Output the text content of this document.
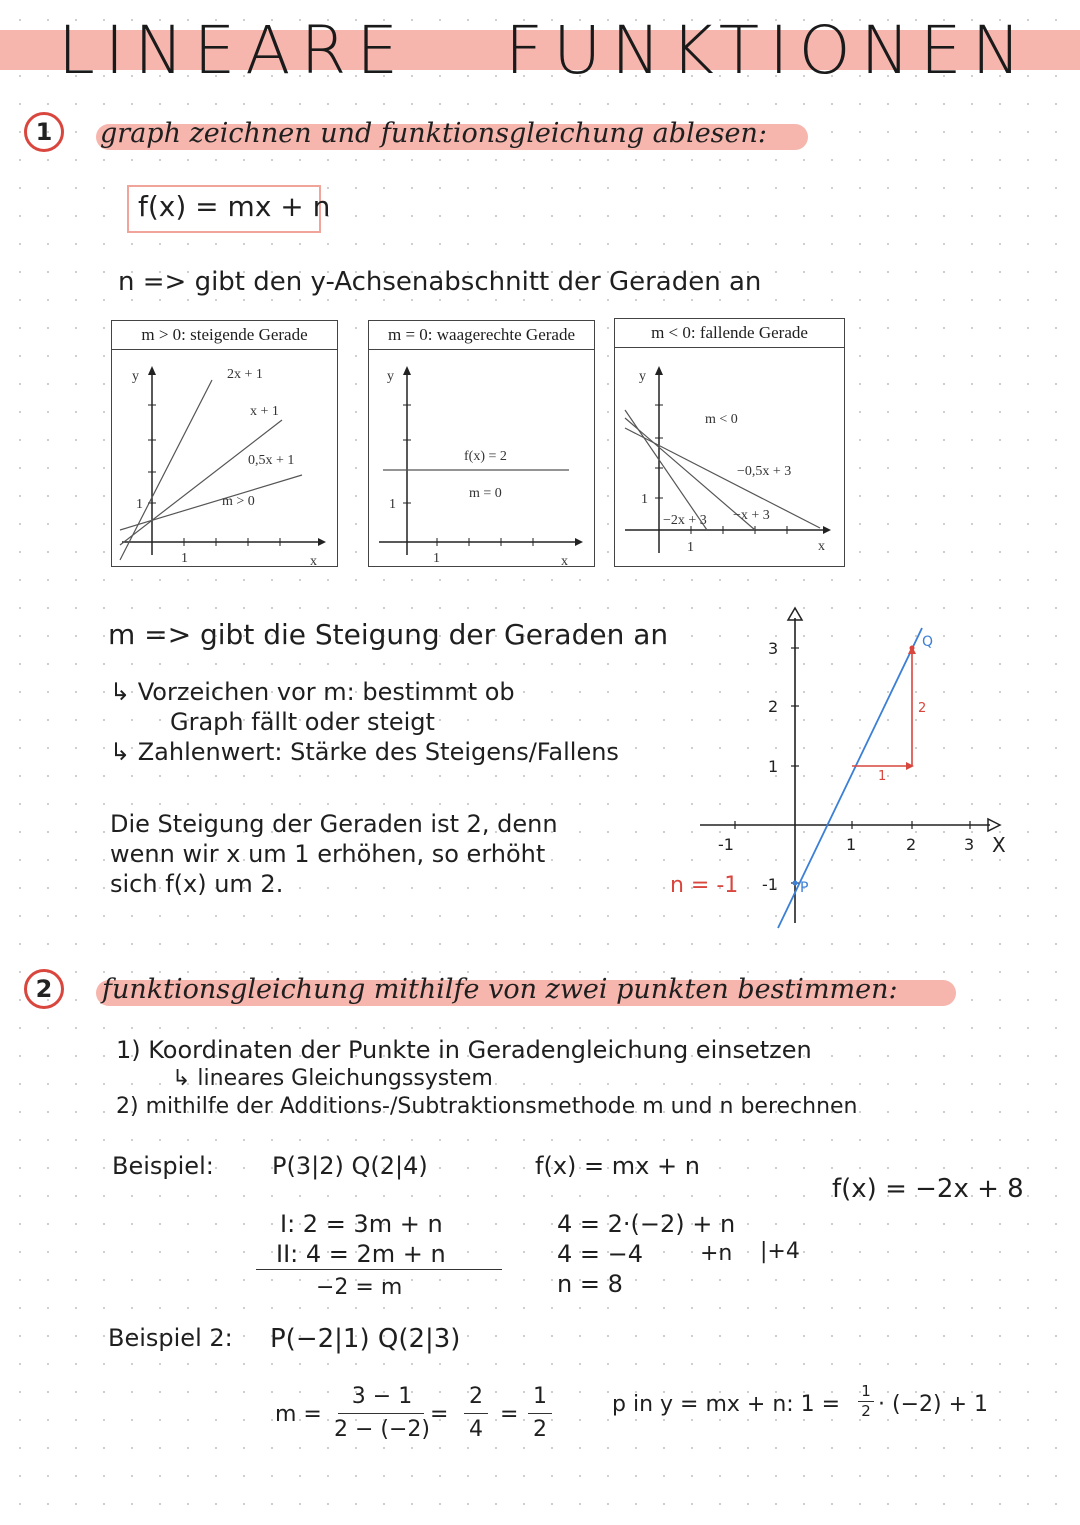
LINEARE FUNKTIONEN
1	graph zeichnen und funktionsgleichung ablesen:
f(x) = mx + n
n => gibt den y-Achsenabschnitt der Geraden an
m > 0: steigende Gerade
y
x
1
1
2x + 1
x + 1
0,5x + 1
m > 0
m = 0: waagerechte Gerade
y
x
1
1
f(x) = 2
m = 0
m < 0: fallende Gerade
y
x
1
1
m < 0
−0,5x + 3
−2x + 3 −x + 3
m => gibt die Steigung der Geraden an
↳ Vorzeichen vor m: bestimmt ob
Graph fällt oder steigt
↳ Zahlenwert: Stärke des Steigens/Fallens
Die Steigung der Geraden ist 2, denn
wenn wir x um 1 erhöhen, so erhöht
sich f(x) um 2.
3
2
1
-1
-1	1	2	3 X
Q
P
1
2
n = -1
2	funktionsgleichung mithilfe von zwei punkten bestimmen:
1) Koordinaten der Punkte in Geradengleichung einsetzen
↳ lineares Gleichungssystem
2) mithilfe der Additions-/Subtraktionsmethode m und n berechnen
Beispiel: P(3|2) Q(2|4)	f(x) = mx + n
f(x) = −2x + 8
I: 2 = 3m + n
II: 4 = 2m + n
−2 = m
4 = 2·(−2) + n
4 = −4	+n |+4
n = 8
Beispiel 2: P(−2|1) Q(2|3)
m =
3 − 1
2 − (−2)
=
2
4
=
1
2
p in y = mx + n: 1 =
1
2 · (−2) + 1
